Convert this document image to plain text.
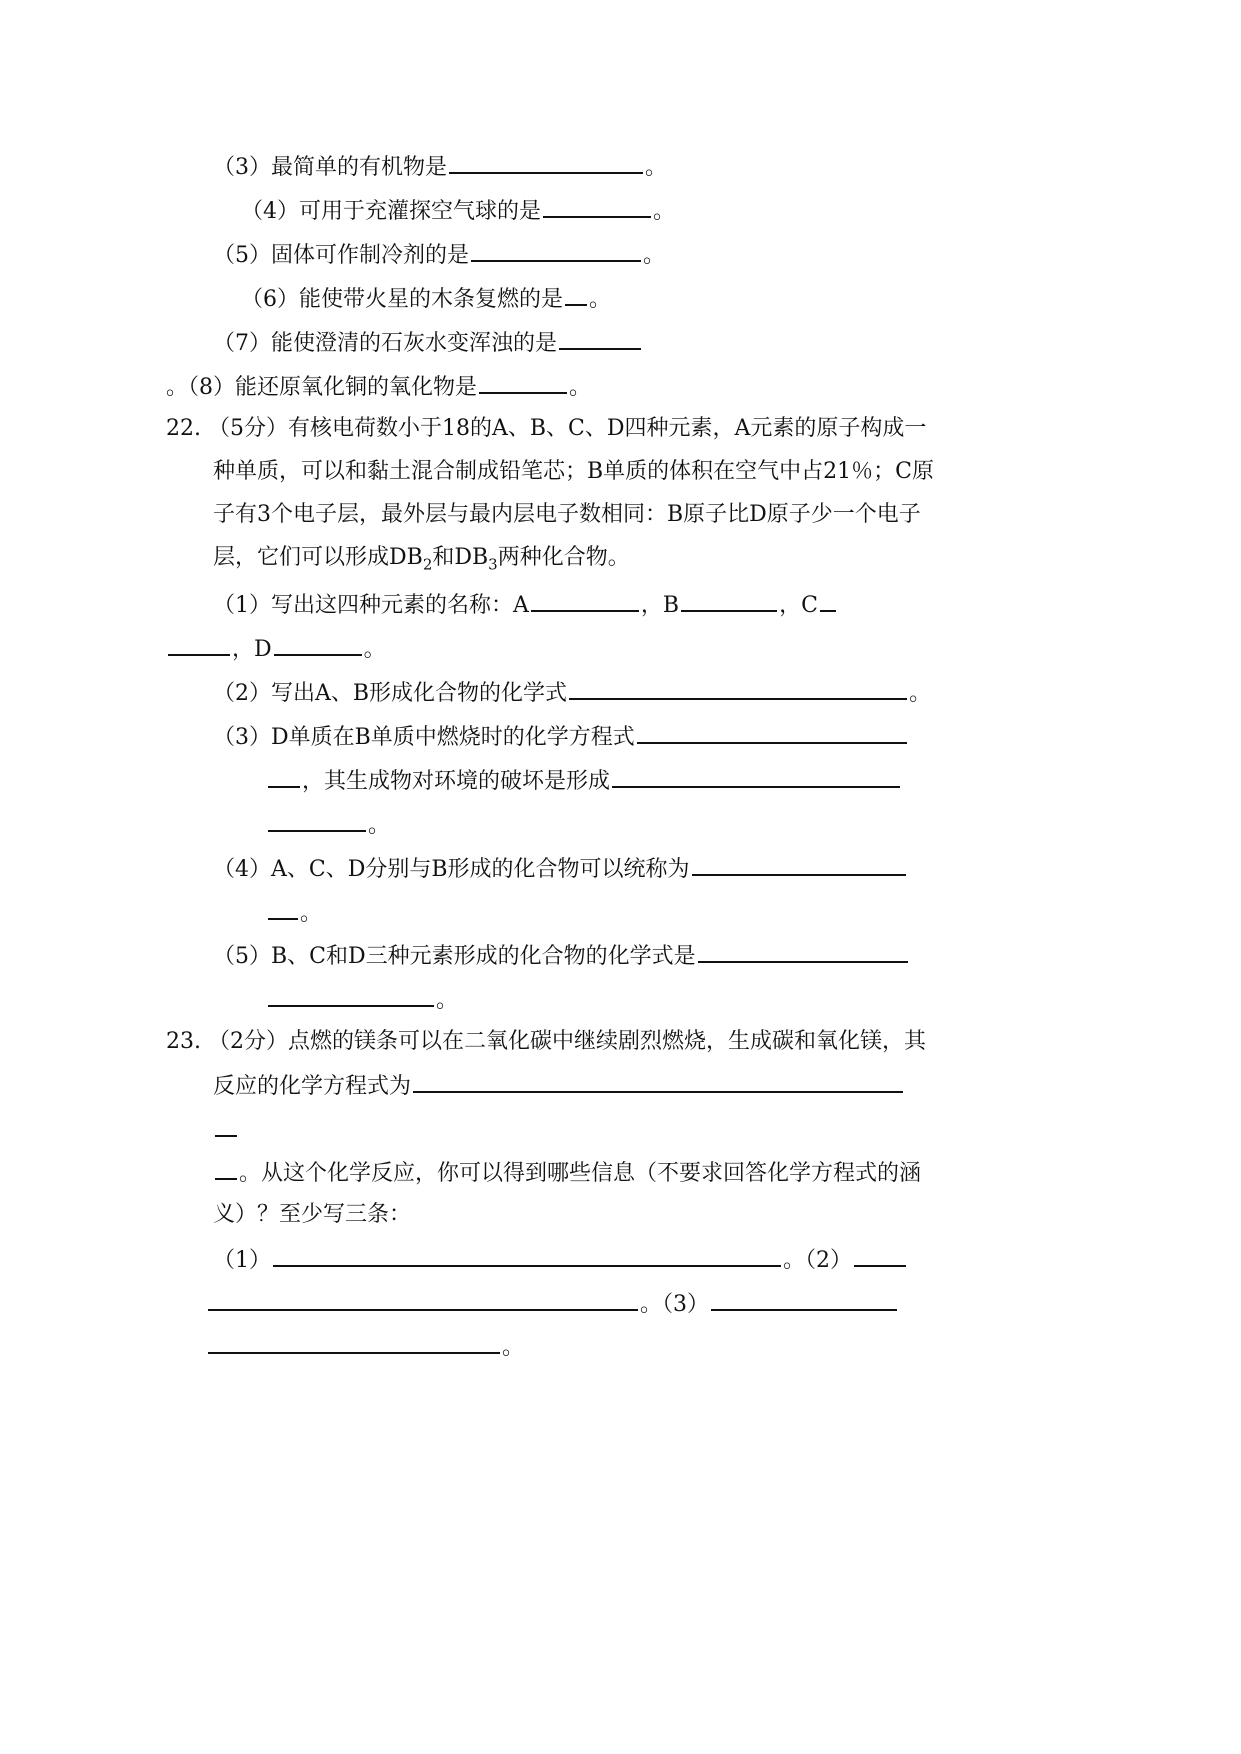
（3）最简单的有机物是	。
（4）可用于充灌探空气球的是	。
（5）固体可作制冷剂的是	。
（6）能使带火星的木条复燃的是 。
（7）能使澄清的石灰水变浑浊的是
。（8）能还原氧化铜的氧化物是	。
22. （5分）有核电荷数小于18的A、B、C、D四种元素，A元素的原子构成一
种单质，可以和黏土混合制成铅笔芯；B单质的体积在空气中占21％；C原
子有3个电子层，最外层与最内层电子数相同：B原子比D原子少一个电子
层，它们可以形成$DB_2$和$DB_3$两种化合物。
（1）写出这四种元素的名称：A	，B	，C
，D	。
（2）写出A、B形成化合物的化学式	。
（3）D单质在B单质中燃烧时的化学方程式
，其生成物对环境的破坏是形成
。
（4）A、C、D分别与B形成的化合物可以统称为
。
（5）B、C和D三种元素形成的化合物的化学式是
。
23. （2分）点燃的镁条可以在二氧化碳中继续剧烈燃烧，生成碳和氧化镁，其
反应的化学方程式为
。从这个化学反应，你可以得到哪些信息（不要求回答化学方程式的涵
义）？至少写三条：
（1）	。（2）
。（3）
。
